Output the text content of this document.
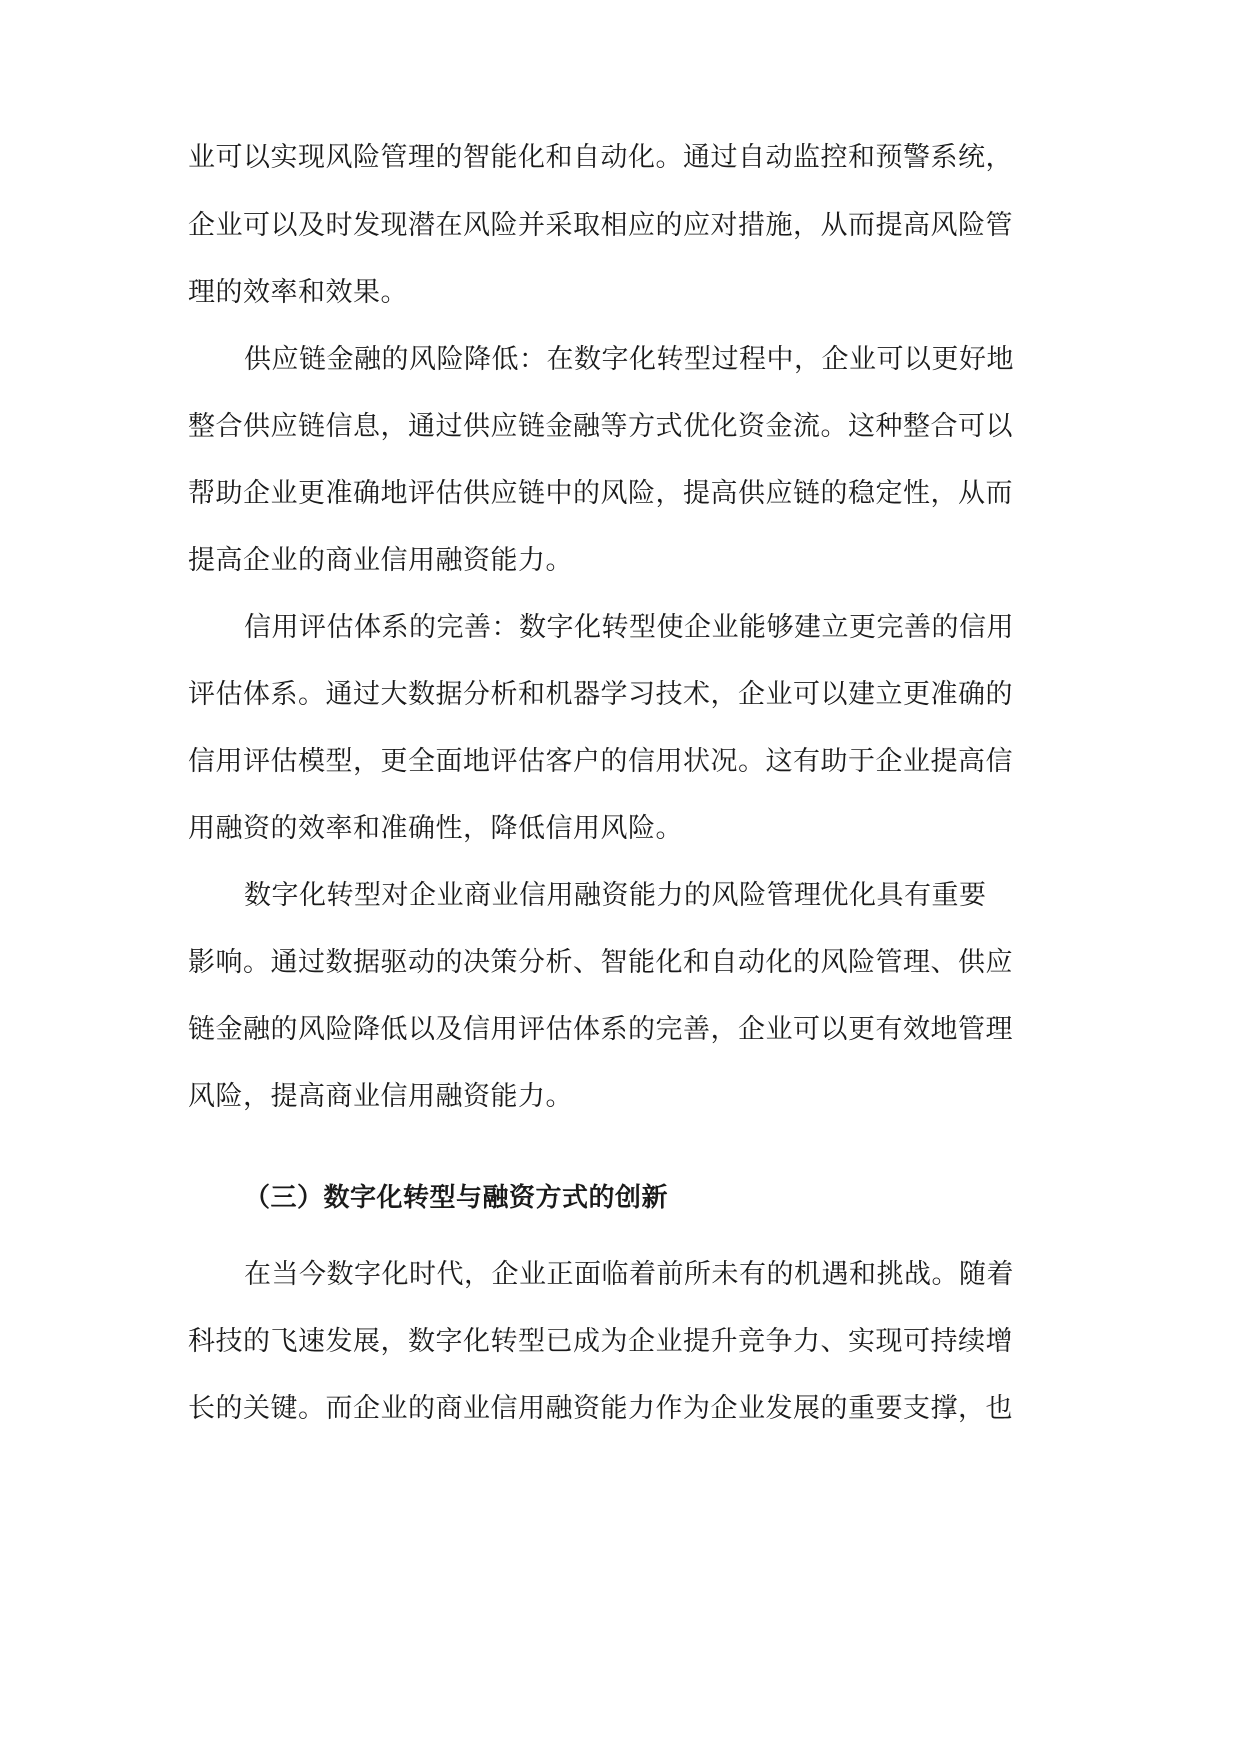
业可以实现风险管理的智能化和自动化。通过自动监控和预警系统，
企业可以及时发现潜在风险并采取相应的应对措施，从而提高风险管
理的效率和效果。
供应链金融的风险降低：在数字化转型过程中，企业可以更好地
整合供应链信息，通过供应链金融等方式优化资金流。这种整合可以
帮助企业更准确地评估供应链中的风险，提高供应链的稳定性，从而
提高企业的商业信用融资能力。
信用评估体系的完善：数字化转型使企业能够建立更完善的信用
评估体系。通过大数据分析和机器学习技术，企业可以建立更准确的
信用评估模型，更全面地评估客户的信用状况。这有助于企业提高信
用融资的效率和准确性，降低信用风险。
数字化转型对企业商业信用融资能力的风险管理优化具有重要
影响。通过数据驱动的决策分析、智能化和自动化的风险管理、供应
链金融的风险降低以及信用评估体系的完善，企业可以更有效地管理
风险，提高商业信用融资能力。
（三）数字化转型与融资方式的创新
在当今数字化时代，企业正面临着前所未有的机遇和挑战。随着
科技的飞速发展，数字化转型已成为企业提升竞争力、实现可持续增
长的关键。而企业的商业信用融资能力作为企业发展的重要支撑，也
